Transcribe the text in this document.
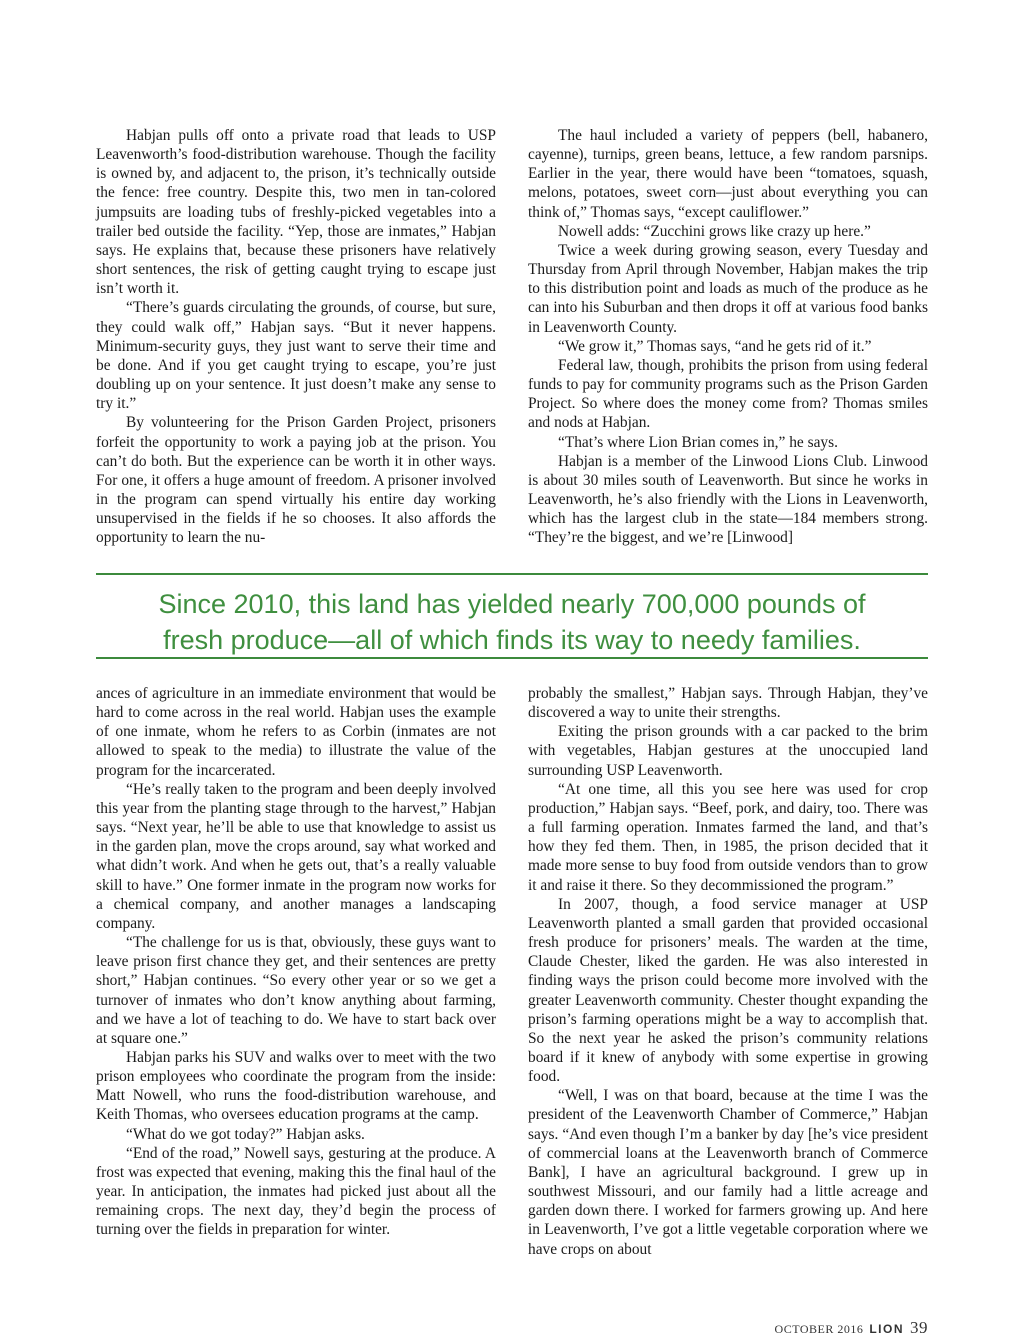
Habjan pulls off onto a private road that leads to USP Leavenworth’s food-distribution warehouse. Though the facility is owned by, and adjacent to, the prison, it’s technically outside the fence: free country. Despite this, two men in tan-colored jumpsuits are loading tubs of freshly-picked vegetables into a trailer bed outside the facility. “Yep, those are inmates,” Habjan says. He explains that, because these prisoners have relatively short sentences, the risk of getting caught trying to escape just isn’t worth it.

“There’s guards circulating the grounds, of course, but sure, they could walk off,” Habjan says. “But it never happens. Minimum-security guys, they just want to serve their time and be done. And if you get caught trying to escape, you’re just doubling up on your sentence. It just doesn’t make any sense to try it.”

By volunteering for the Prison Garden Project, prisoners forfeit the opportunity to work a paying job at the prison. You can’t do both. But the experience can be worth it in other ways. For one, it offers a huge amount of freedom. A prisoner involved in the program can spend virtually his entire day working unsupervised in the fields if he so chooses. It also affords the opportunity to learn the nu-

The haul included a variety of peppers (bell, habanero, cayenne), turnips, green beans, lettuce, a few random parsnips. Earlier in the year, there would have been “tomatoes, squash, melons, potatoes, sweet corn—just about everything you can think of,” Thomas says, “except cauliflower.”

Nowell adds: “Zucchini grows like crazy up here.”

Twice a week during growing season, every Tuesday and Thursday from April through November, Habjan makes the trip to this distribution point and loads as much of the produce as he can into his Suburban and then drops it off at various food banks in Leavenworth County.

“We grow it,” Thomas says, “and he gets rid of it.”

Federal law, though, prohibits the prison from using federal funds to pay for community programs such as the Prison Garden Project. So where does the money come from? Thomas smiles and nods at Habjan.

“That’s where Lion Brian comes in,” he says.

Habjan is a member of the Linwood Lions Club. Linwood is about 30 miles south of Leavenworth. But since he works in Leavenworth, he’s also friendly with the Lions in Leavenworth, which has the largest club in the state—184 members strong. “They’re the biggest, and we’re [Linwood]

Since 2010, this land has yielded nearly 700,000 pounds of
fresh produce—all of which finds its way to needy families.

ances of agriculture in an immediate environment that would be hard to come across in the real world. Habjan uses the example of one inmate, whom he refers to as Corbin (inmates are not allowed to speak to the media) to illustrate the value of the program for the incarcerated.

“He’s really taken to the program and been deeply involved this year from the planting stage through to the harvest,” Habjan says. “Next year, he’ll be able to use that knowledge to assist us in the garden plan, move the crops around, say what worked and what didn’t work. And when he gets out, that’s a really valuable skill to have.” One former inmate in the program now works for a chemical company, and another manages a landscaping company.

“The challenge for us is that, obviously, these guys want to leave prison first chance they get, and their sentences are pretty short,” Habjan continues. “So every other year or so we get a turnover of inmates who don’t know anything about farming, and we have a lot of teaching to do. We have to start back over at square one.”

Habjan parks his SUV and walks over to meet with the two prison employees who coordinate the program from the inside: Matt Nowell, who runs the food-distribution warehouse, and Keith Thomas, who oversees education programs at the camp.

“What do we got today?” Habjan asks.

“End of the road,” Nowell says, gesturing at the produce. A frost was expected that evening, making this the final haul of the year. In anticipation, the inmates had picked just about all the remaining crops. The next day, they’d begin the process of turning over the fields in preparation for winter.

probably the smallest,” Habjan says. Through Habjan, they’ve discovered a way to unite their strengths.

Exiting the prison grounds with a car packed to the brim with vegetables, Habjan gestures at the unoccupied land surrounding USP Leavenworth.

“At one time, all this you see here was used for crop production,” Habjan says. “Beef, pork, and dairy, too. There was a full farming operation. Inmates farmed the land, and that’s how they fed them. Then, in 1985, the prison decided that it made more sense to buy food from outside vendors than to grow it and raise it there. So they decommissioned the program.”

In 2007, though, a food service manager at USP Leavenworth planted a small garden that provided occasional fresh produce for prisoners’ meals. The warden at the time, Claude Chester, liked the garden. He was also interested in finding ways the prison could become more involved with the greater Leavenworth community. Chester thought expanding the prison’s farming operations might be a way to accomplish that. So the next year he asked the prison’s community relations board if it knew of anybody with some expertise in growing food.

“Well, I was on that board, because at the time I was the president of the Leavenworth Chamber of Commerce,” Habjan says. “And even though I’m a banker by day [he’s vice president of commercial loans at the Leavenworth branch of Commerce Bank], I have an agricultural background. I grew up in southwest Missouri, and our family had a little acreage and garden down there. I worked for farmers growing up. And here in Leavenworth, I’ve got a little vegetable corporation where we have crops on about

OCTOBER 2016 LION 39
